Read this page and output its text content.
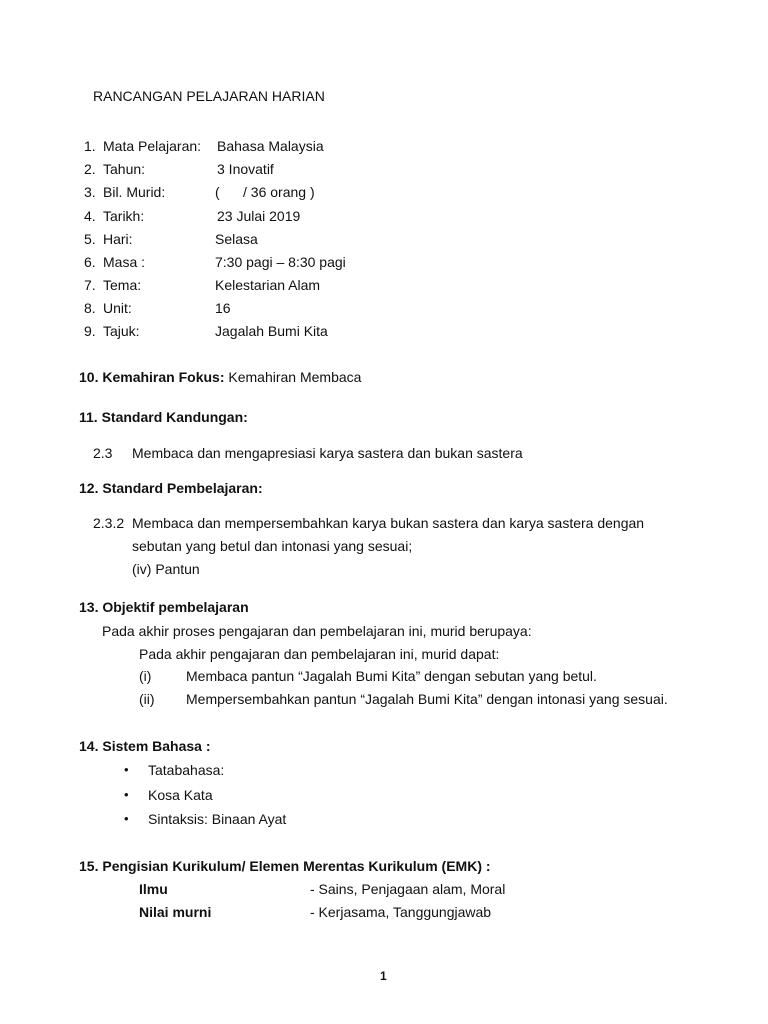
RANCANGAN PELAJARAN HARIAN
1. Mata Pelajaran: Bahasa Malaysia
2. Tahun:	3 Inovatif
3. Bil. Murid:	(      / 36 orang )
4. Tarikh:	23 Julai 2019
5. Hari:	Selasa
6. Masa :	7:30 pagi – 8:30 pagi
7. Tema:	Kelestarian Alam
8. Unit:	16
9. Tajuk:	Jagalah Bumi Kita
10. Kemahiran Fokus: Kemahiran Membaca
11. Standard Kandungan:
2.3 Membaca dan mengapresiasi karya sastera dan bukan sastera
12. Standard Pembelajaran:
2.3.2 Membaca dan mempersembahkan karya bukan sastera dan karya sastera dengan
sebutan yang betul dan intonasi yang sesuai;
(iv) Pantun
13. Objektif pembelajaran
Pada akhir proses pengajaran dan pembelajaran ini, murid berupaya:
Pada akhir pengajaran dan pembelajaran ini, murid dapat:
(i) Membaca pantun “Jagalah Bumi Kita” dengan sebutan yang betul.
(ii) Mempersembahkan pantun “Jagalah Bumi Kita” dengan intonasi yang sesuai.
14. Sistem Bahasa :
• Tatabahasa:
• Kosa Kata
• Sintaksis: Binaan Ayat
15. Pengisian Kurikulum/ Elemen Merentas Kurikulum (EMK) :
Ilmu	- Sains, Penjagaan alam, Moral
Nilai murni	- Kerjasama, Tanggungjawab
1
